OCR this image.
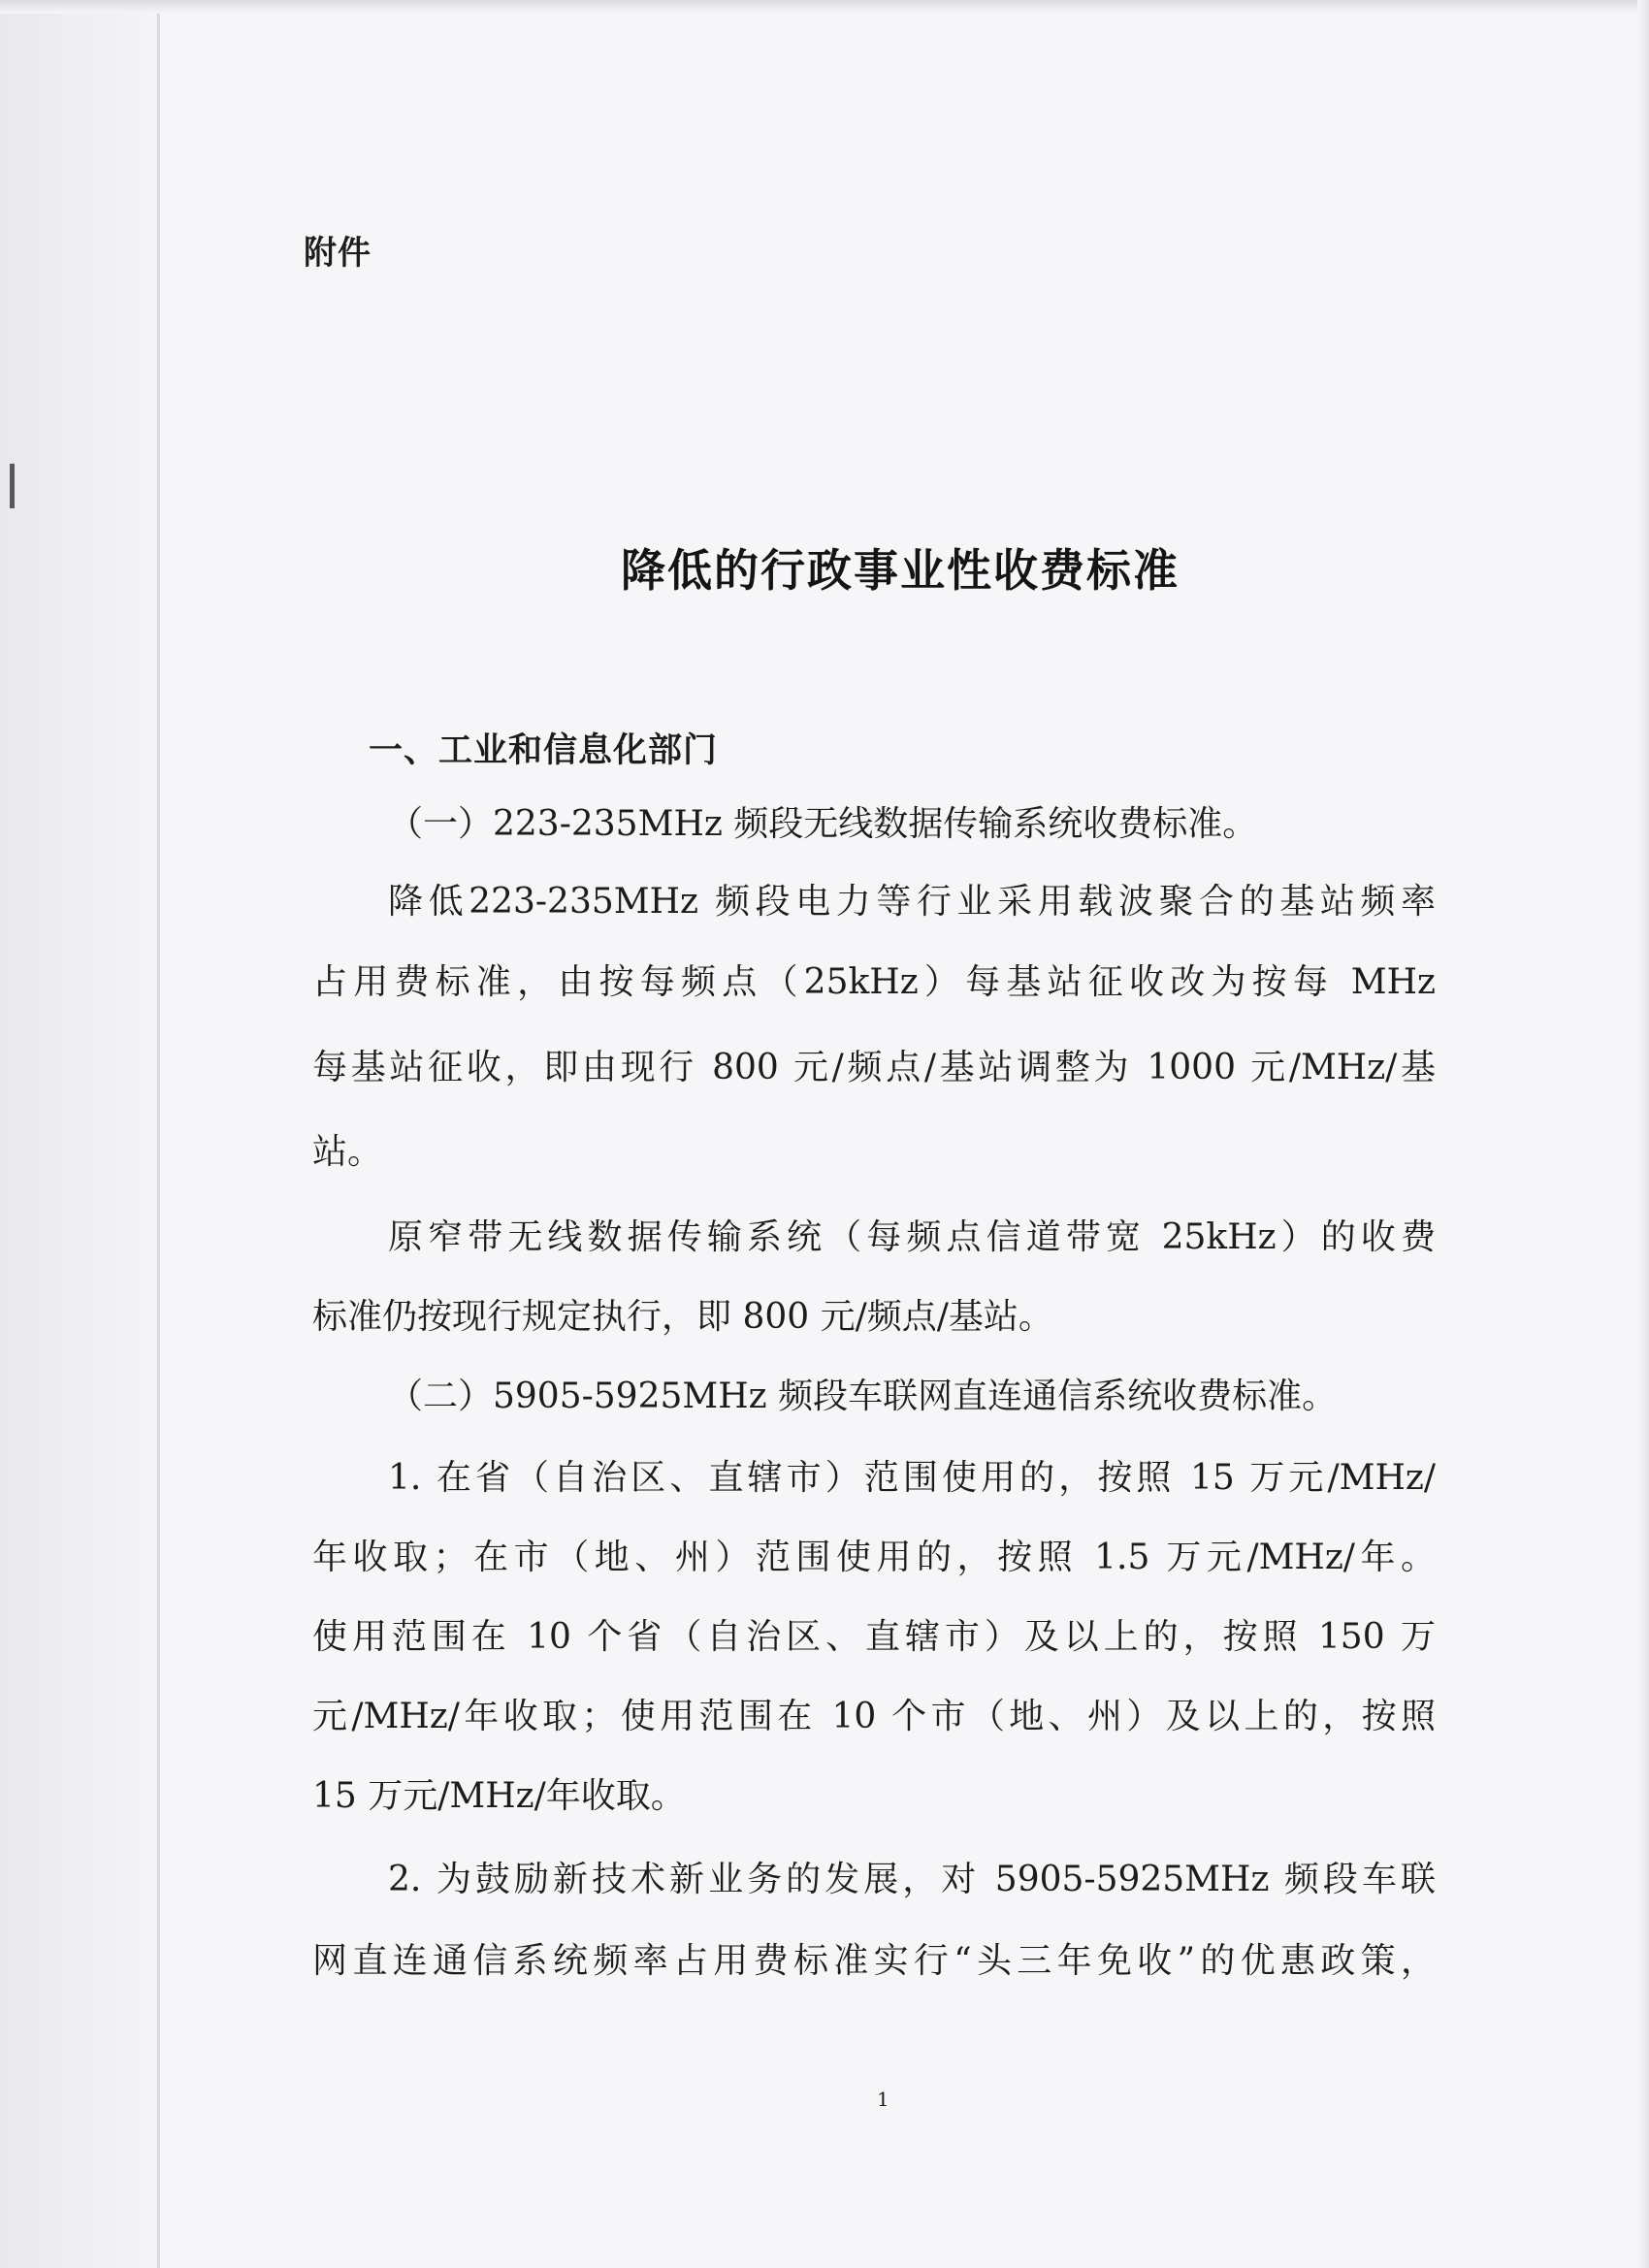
附件
降低的行政事业性收费标准
一、工业和信息化部门
（一）223-235MHz 频段无线数据传输系统收费标准。
降低223-235MHz 频段电力等行业采用载波聚合的基站频率
占用费标准，由按每频点（25kHz）每基站征收改为按每 MHz
每基站征收，即由现行 800 元/频点/基站调整为 1000 元/MHz/基
站。
原窄带无线数据传输系统（每频点信道带宽 25kHz）的收费
标准仍按现行规定执行，即 800 元/频点/基站。
（二）5905-5925MHz 频段车联网直连通信系统收费标准。
1. 在省（自治区、直辖市）范围使用的，按照 15 万元/MHz/
年收取；在市（地、州）范围使用的，按照 1.5 万元/MHz/年。
使用范围在 10 个省（自治区、直辖市）及以上的，按照 150 万
元/MHz/年收取；使用范围在 10 个市（地、州）及以上的，按照
15 万元/MHz/年收取。
2. 为鼓励新技术新业务的发展，对 5905-5925MHz 频段车联
网直连通信系统频率占用费标准实行“头三年免收”的优惠政策，
1
